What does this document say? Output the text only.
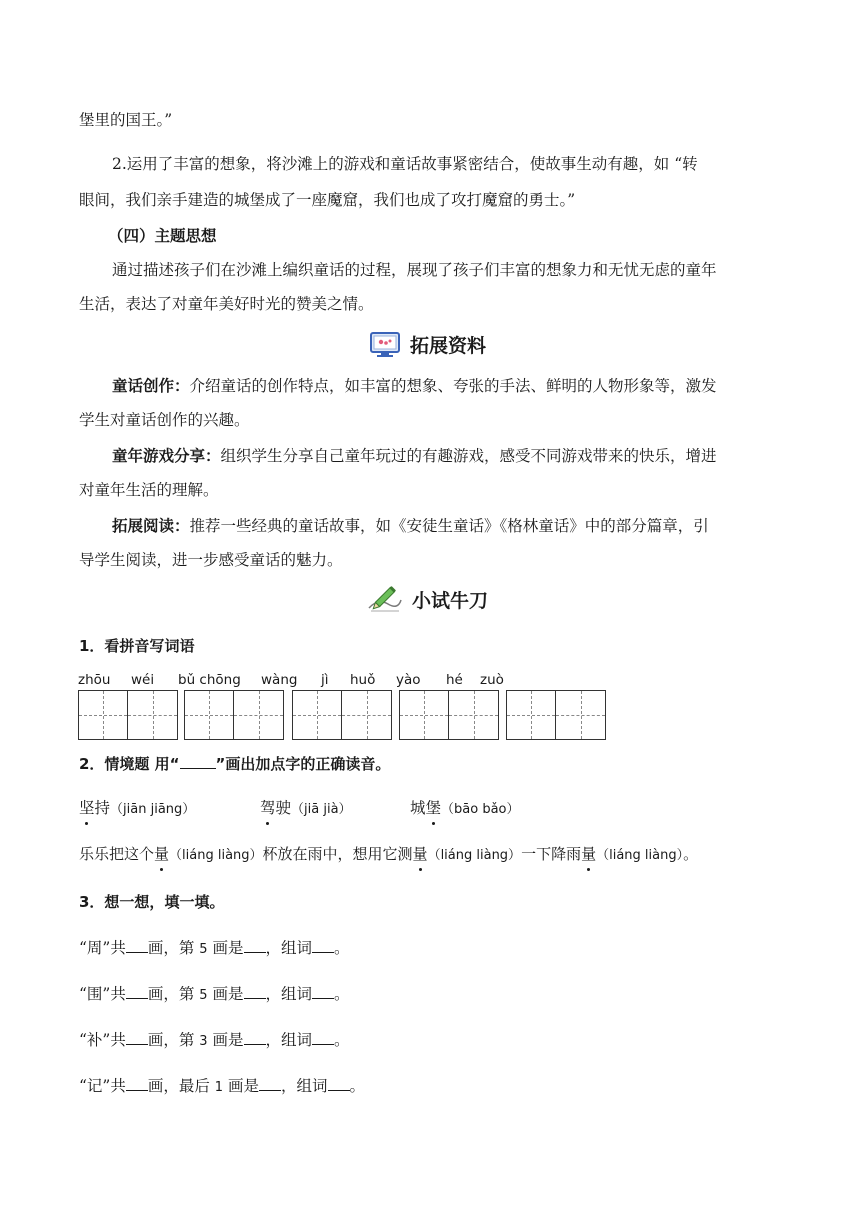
堡里的国王。”
2.运用了丰富的想象，将沙滩上的游戏和童话故事紧密结合，使故事生动有趣，如 “转
眼间，我们亲手建造的城堡成了一座魔窟，我们也成了攻打魔窟的勇士。”
（四）主题思想
通过描述孩子们在沙滩上编织童话的过程，展现了孩子们丰富的想象力和无忧无虑的童年
生活，表达了对童年美好时光的赞美之情。
拓展资料
童话创作：介绍童话的创作特点，如丰富的想象、夸张的手法、鲜明的人物形象等，激发
学生对童话创作的兴趣。
童年游戏分享：组织学生分享自己童年玩过的有趣游戏，感受不同游戏带来的快乐，增进
对童年生活的理解。
拓展阅读：推荐一些经典的童话故事，如《安徒生童话》《格林童话》中的部分篇章，引
导学生阅读，进一步感受童话的魅力。
小试牛刀
1．看拼音写词语
zhōu wéi bǔ chōng wàng jì huǒ yào hé zuò
2．情境题 用“ ”画出加点字的正确读音。
坚持（jiān jiāng）	驾驶（jiā jià）	城堡（bāo bǎo）
乐乐把这个量（liáng liàng）杯放在雨中，想用它测量（liáng liàng）一下降雨量（liáng liàng）。
3．想一想，填一填。
“周”共 画，第 5 画是 ，组词 。
“围”共 画，第 5 画是 ，组词 。
“补”共 画，第 3 画是 ，组词 。
“记”共 画，最后 1 画是 ，组词 。
